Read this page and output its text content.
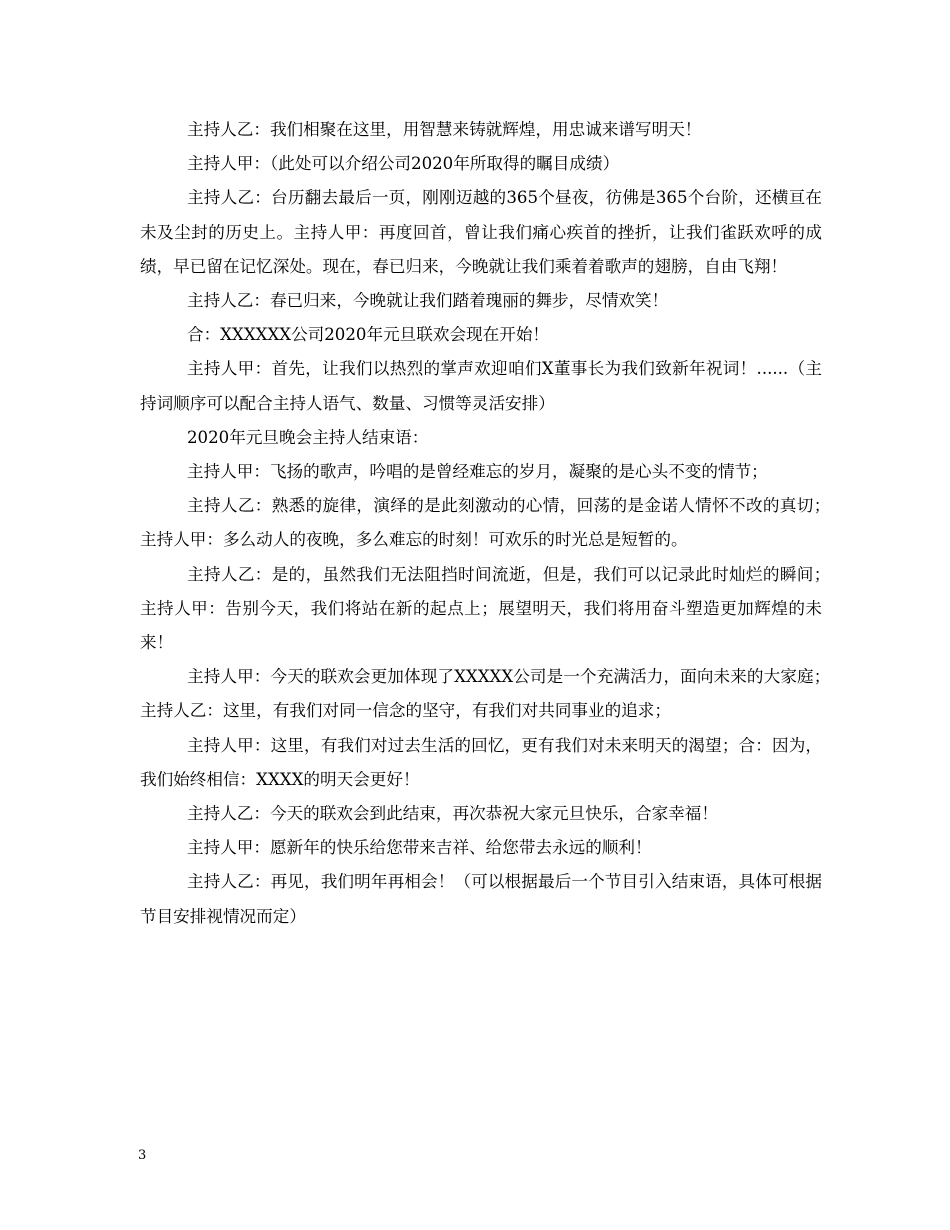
主持人乙：我们相聚在这里，用智慧来铸就辉煌，用忠诚来谱写明天！

主持人甲：（此处可以介绍公司2020年所取得的瞩目成绩）

主持人乙：台历翻去最后一页，刚刚迈越的365个昼夜，彷佛是365个台阶，还横亘在未及尘封的历史上。主持人甲：再度回首，曾让我们痛心疾首的挫折，让我们雀跃欢呼的成绩，早已留在记忆深处。现在，春已归来，今晚就让我们乘着着歌声的翅膀，自由飞翔！

主持人乙：春已归来，今晚就让我们踏着瑰丽的舞步，尽情欢笑！

合：XXXXXX公司2020年元旦联欢会现在开始！

主持人甲：首先，让我们以热烈的掌声欢迎咱们X董事长为我们致新年祝词！......（主持词顺序可以配合主持人语气、数量、习惯等灵活安排）

2020年元旦晚会主持人结束语：

主持人甲：飞扬的歌声，吟唱的是曾经难忘的岁月，凝聚的是心头不变的情节；

主持人乙：熟悉的旋律，演绎的是此刻激动的心情，回荡的是金诺人情怀不改的真切；　主持人甲：多么动人的夜晚，多么难忘的时刻！可欢乐的时光总是短暂的。

主持人乙：是的，虽然我们无法阻挡时间流逝，但是，我们可以记录此时灿烂的瞬间；　主持人甲：告别今天，我们将站在新的起点上；展望明天，我们将用奋斗塑造更加辉煌的未来！

主持人甲：今天的联欢会更加体现了XXXXX公司是一个充满活力，面向未来的大家庭；　主持人乙：这里，有我们对同一信念的坚守，有我们对共同事业的追求；

主持人甲：这里，有我们对过去生活的回忆，更有我们对未来明天的渴望；合：因为，我们始终相信：XXXX的明天会更好！

主持人乙：今天的联欢会到此结束，再次恭祝大家元旦快乐，合家幸福！

主持人甲：愿新年的快乐给您带来吉祥、给您带去永远的顺利！

主持人乙：再见，我们明年再相会！（可以根据最后一个节目引入结束语，具体可根据节目安排视情况而定）

3
